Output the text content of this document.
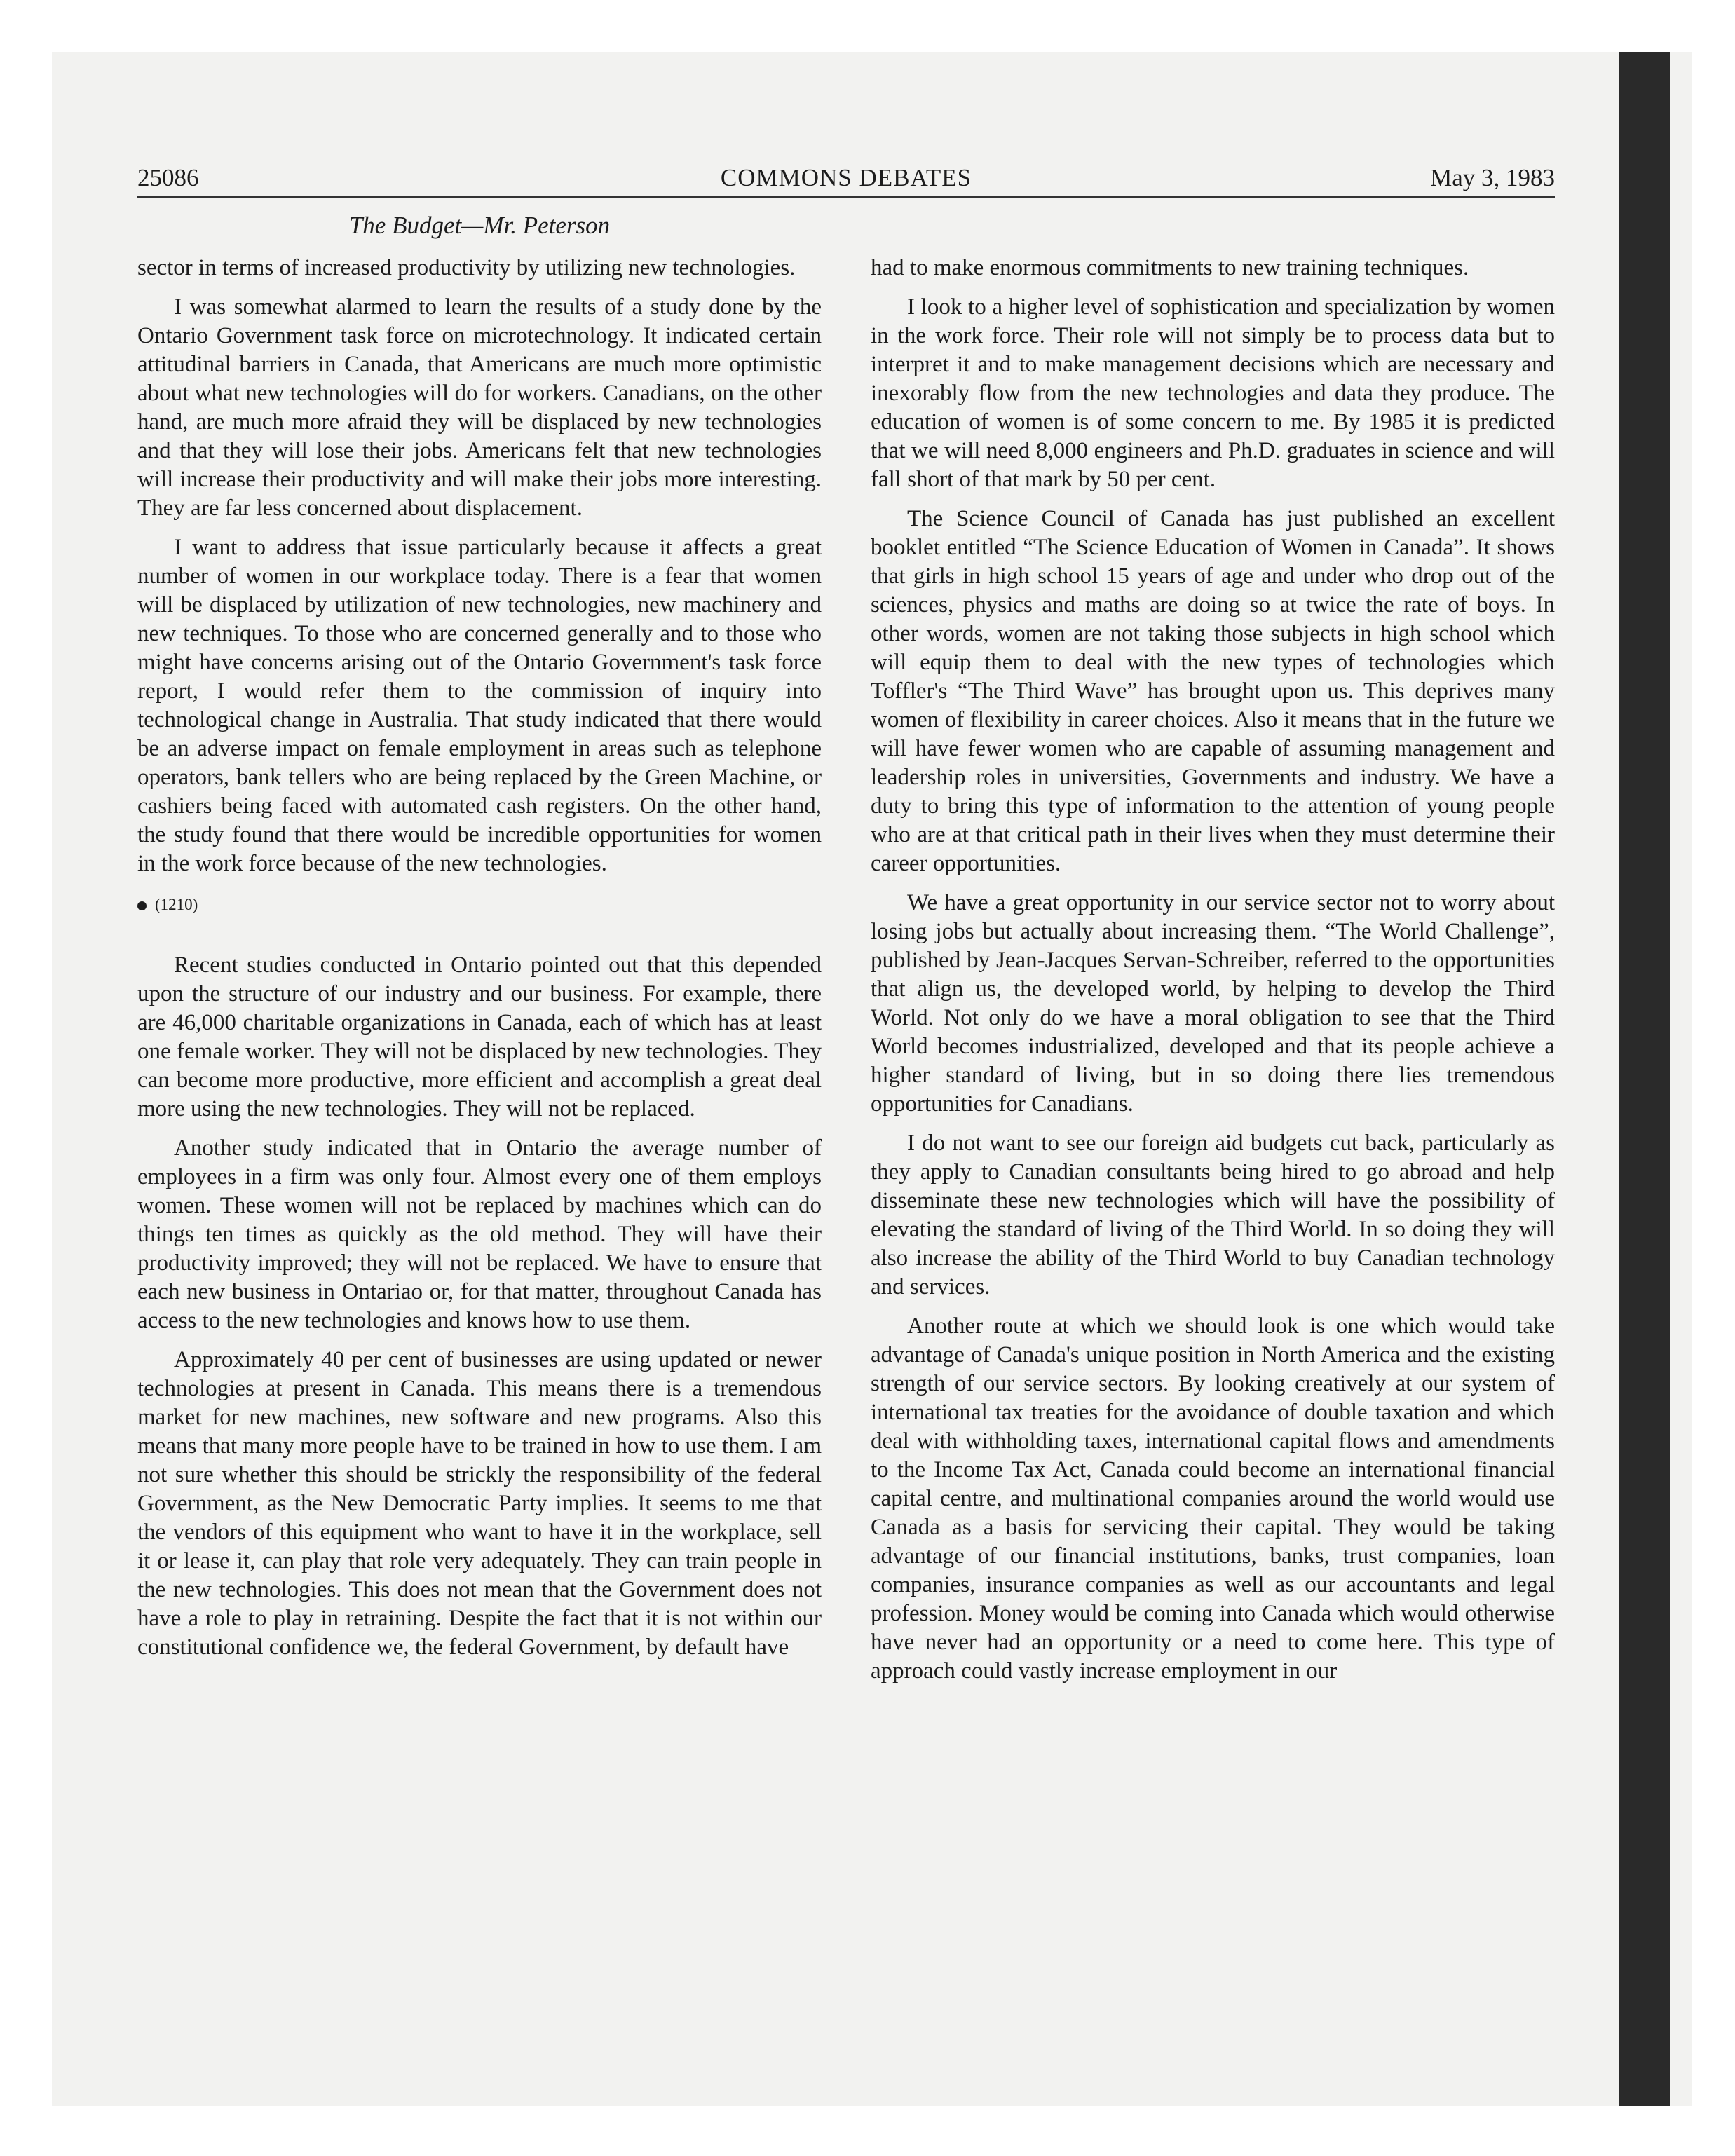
25086	COMMONS DEBATES	May 3, 1983
The Budget—Mr. Peterson

sector in terms of increased productivity by utilizing new technologies.

I was somewhat alarmed to learn the results of a study done by the Ontario Government task force on microtechnology. It indicated certain attitudinal barriers in Canada, that Americans are much more optimistic about what new technologies will do for workers. Canadians, on the other hand, are much more afraid they will be displaced by new technologies and that they will lose their jobs. Americans felt that new technologies will increase their productivity and will make their jobs more interesting. They are far less concerned about displacement.

I want to address that issue particularly because it affects a great number of women in our workplace today. There is a fear that women will be displaced by utilization of new technologies, new machinery and new techniques. To those who are concerned generally and to those who might have concerns arising out of the Ontario Government's task force report, I would refer them to the commission of inquiry into technological change in Australia. That study indicated that there would be an adverse impact on female employment in areas such as telephone operators, bank tellers who are being replaced by the Green Machine, or cashiers being faced with automated cash registers. On the other hand, the study found that there would be incredible opportunities for women in the work force because of the new technologies.

(1210)

Recent studies conducted in Ontario pointed out that this depended upon the structure of our industry and our business. For example, there are 46,000 charitable organizations in Canada, each of which has at least one female worker. They will not be displaced by new technologies. They can become more productive, more efficient and accomplish a great deal more using the new technologies. They will not be replaced.

Another study indicated that in Ontario the average number of employees in a firm was only four. Almost every one of them employs women. These women will not be replaced by machines which can do things ten times as quickly as the old method. They will have their productivity improved; they will not be replaced. We have to ensure that each new business in Ontariao or, for that matter, throughout Canada has access to the new technologies and knows how to use them.

Approximately 40 per cent of businesses are using updated or newer technologies at present in Canada. This means there is a tremendous market for new machines, new software and new programs. Also this means that many more people have to be trained in how to use them. I am not sure whether this should be strickly the responsibility of the federal Government, as the New Democratic Party implies. It seems to me that the vendors of this equipment who want to have it in the workplace, sell it or lease it, can play that role very adequately. They can train people in the new technologies. This does not mean that the Government does not have a role to play in retraining. Despite the fact that it is not within our constitutional confidence we, the federal Government, by default have

had to make enormous commitments to new training techniques.

I look to a higher level of sophistication and specialization by women in the work force. Their role will not simply be to process data but to interpret it and to make management decisions which are necessary and inexorably flow from the new technologies and data they produce. The education of women is of some concern to me. By 1985 it is predicted that we will need 8,000 engineers and Ph.D. graduates in science and will fall short of that mark by 50 per cent.

The Science Council of Canada has just published an excellent booklet entitled “The Science Education of Women in Canada”. It shows that girls in high school 15 years of age and under who drop out of the sciences, physics and maths are doing so at twice the rate of boys. In other words, women are not taking those subjects in high school which will equip them to deal with the new types of technologies which Toffler's “The Third Wave” has brought upon us. This deprives many women of flexibility in career choices. Also it means that in the future we will have fewer women who are capable of assuming management and leadership roles in universities, Governments and industry. We have a duty to bring this type of information to the attention of young people who are at that critical path in their lives when they must determine their career opportunities.

We have a great opportunity in our service sector not to worry about losing jobs but actually about increasing them. “The World Challenge”, published by Jean-Jacques Servan-Schreiber, referred to the opportunities that align us, the developed world, by helping to develop the Third World. Not only do we have a moral obligation to see that the Third World becomes industrialized, developed and that its people achieve a higher standard of living, but in so doing there lies tremendous opportunities for Canadians.

I do not want to see our foreign aid budgets cut back, particularly as they apply to Canadian consultants being hired to go abroad and help disseminate these new technologies which will have the possibility of elevating the standard of living of the Third World. In so doing they will also increase the ability of the Third World to buy Canadian technology and services.

Another route at which we should look is one which would take advantage of Canada's unique position in North America and the existing strength of our service sectors. By looking creatively at our system of international tax treaties for the avoidance of double taxation and which deal with withholding taxes, international capital flows and amendments to the Income Tax Act, Canada could become an international financial capital centre, and multinational companies around the world would use Canada as a basis for servicing their capital. They would be taking advantage of our financial institutions, banks, trust companies, loan companies, insurance companies as well as our accountants and legal profession. Money would be coming into Canada which would otherwise have never had an opportunity or a need to come here. This type of approach could vastly increase employment in our
